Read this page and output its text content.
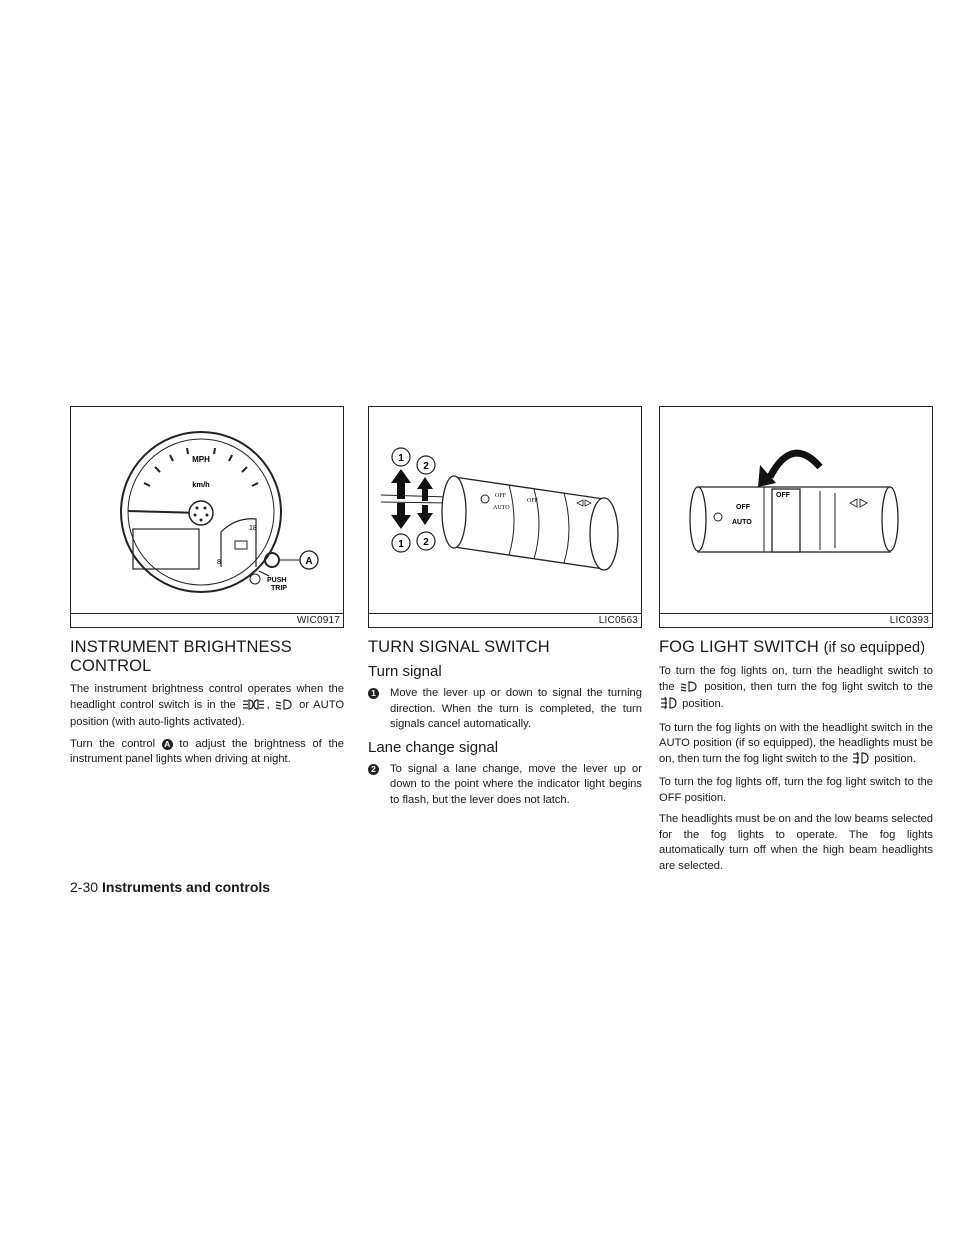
MPH
km/h
18
8	A
PUSH
TRIP
WIC0917
INSTRUMENT BRIGHTNESS
CONTROL

The instrument brightness control operates when the headlight control switch is in the	,	or AUTO position (with auto-lights activated).

Turn the control A to adjust the brightness of the instrument panel lights when driving at night.

OFF
AUTO
OFF
1
2
1 2
LIC0563
TURN SIGNAL SWITCH
Turn signal
1	Move the lever up or down to signal the turning direction. When the turn is completed, the turn signals cancel automatically.
Lane change signal
2	To signal a lane change, move the lever up or down to the point where the indicator light begins to flash, but the lever does not latch.
OFF
AUTO
OFF
LIC0393
FOG LIGHT SWITCH (if so equipped)

To turn the fog lights on, turn the headlight switch to the	position, then turn the fog light switch to the  position.

To turn the fog lights on with the headlight switch in the AUTO position (if so equipped), the headlights must be on, then turn the fog light switch to the position.

To turn the fog lights off, turn the fog light switch to the OFF position.

The headlights must be on and the low beams selected for the fog lights to operate. The fog lights automatically turn off when the high beam headlights are selected.

2-30 Instruments and controls
